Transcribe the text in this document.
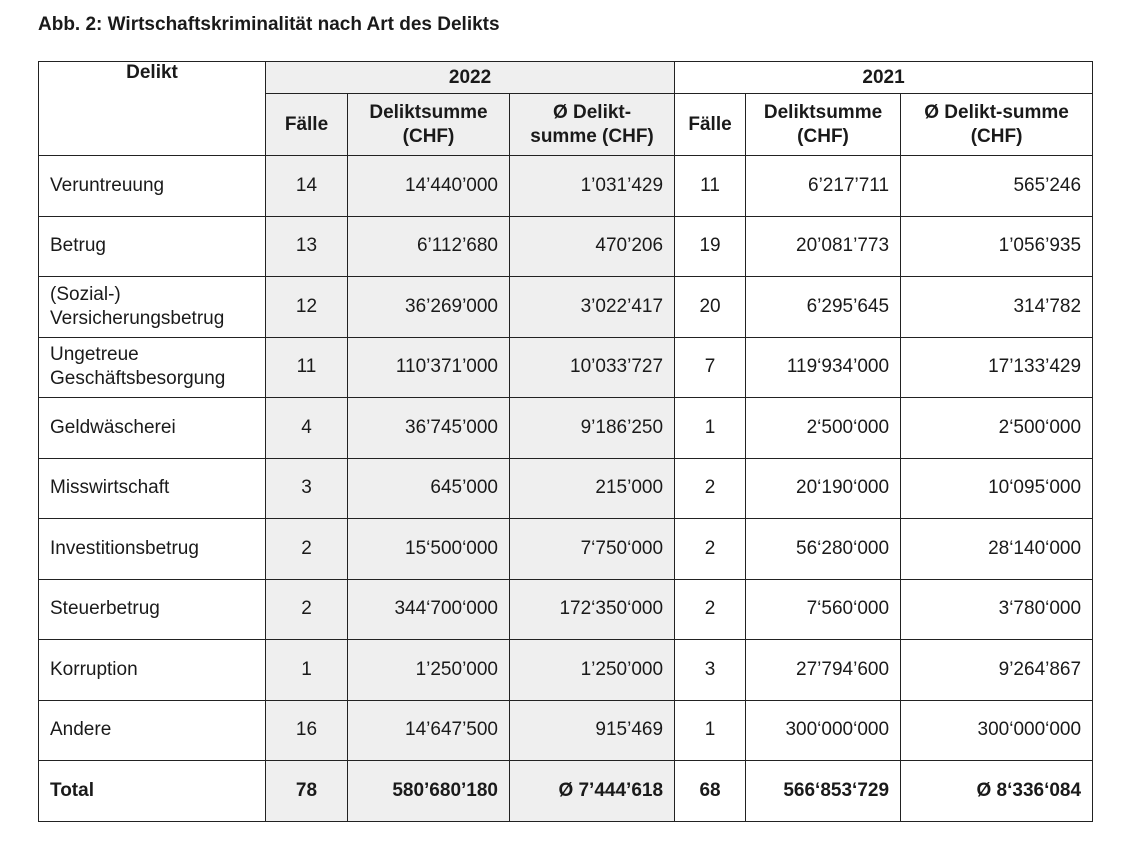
Abb. 2: Wirtschaftskriminalität nach Art des Delikts
Delikt	2022			2021		
	Fälle	Deliktsumme (CHF)	Ø Delikt-summe (CHF)	Fälle	Deliktsumme (CHF)	Ø Delikt-summe (CHF)
Veruntreuung	14	14’440’000	1’031’429	11	6’217’711	565’246
Betrug	13	6’112’680	470’206	19	20’081’773	1’056’935
(Sozial-) Versicherungsbetrug	12	36’269’000	3’022’417	20	6’295’645	314’782
Ungetreue Geschäftsbesorgung	11	110’371’000	10’033’727	7	119‘934’000	17’133’429
Geldwäscherei	4	36’745’000	9’186’250	1	2‘500‘000	2‘500‘000
Misswirtschaft	3	645’000	215’000	2	20‘190‘000	10‘095‘000
Investitionsbetrug	2	15‘500‘000	7‘750‘000	2	56‘280‘000	28‘140‘000
Steuerbetrug	2	344‘700‘000	172‘350‘000	2	7‘560‘000	3‘780‘000
Korruption	1	1’250’000	1’250’000	3	27’794’600	9’264’867
Andere	16	14’647’500	915’469	1	300‘000‘000	300‘000‘000
Total	78	580’680’180	Ø 7’444’618	68	566‘853‘729	Ø 8‘336‘084
